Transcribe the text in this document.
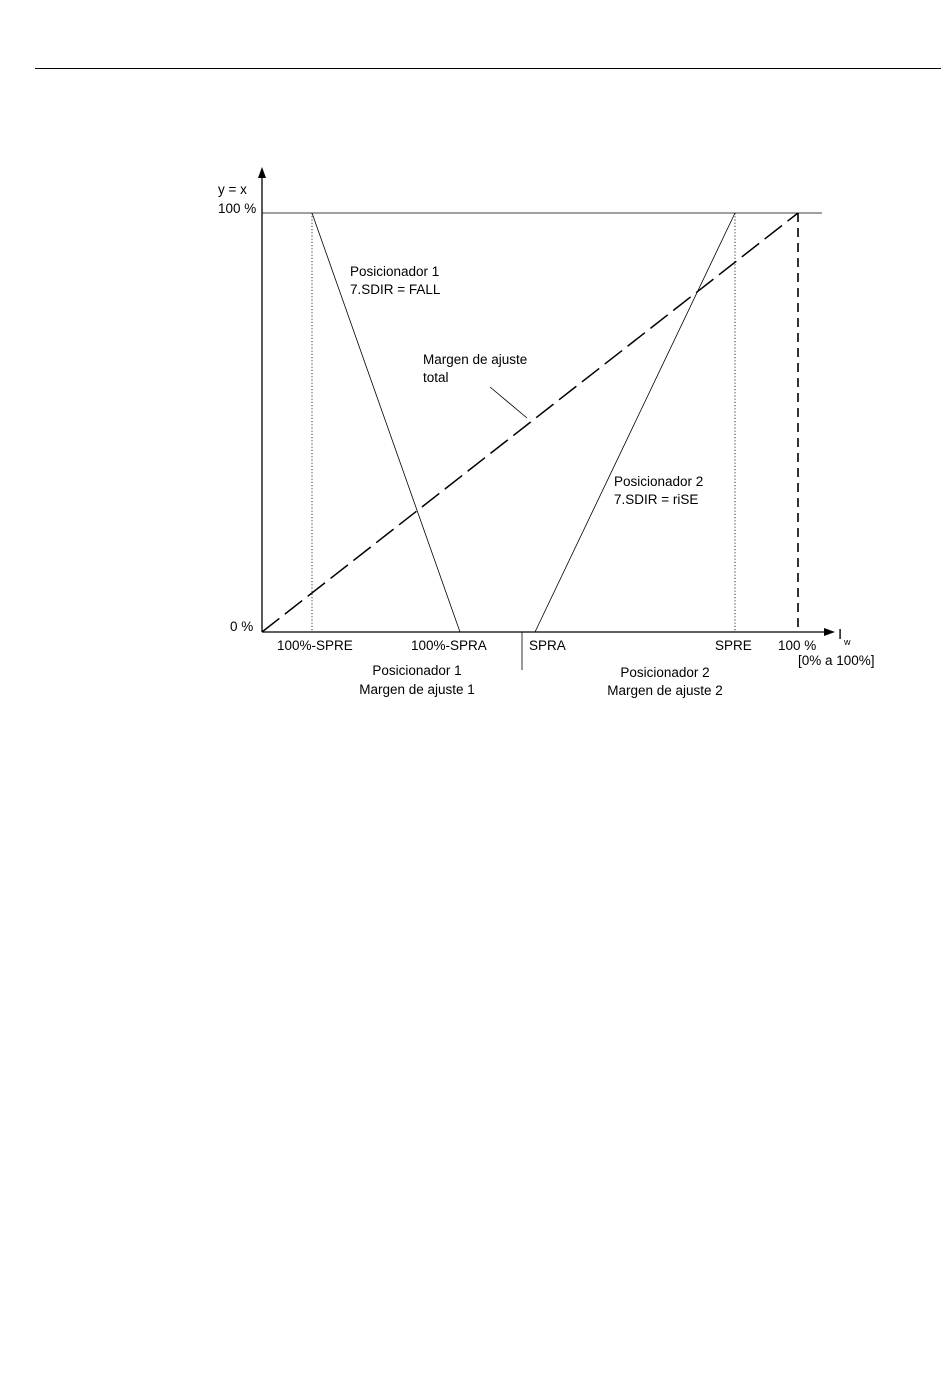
y = x
100 %
0 %	I w
[0% a 100%]
100%-SPRE	100%-SPRA	SPRA	SPRE 100 %
Posicionador 1
7.SDIR = FALL
Margen de ajuste
total
Posicionador 2
7.SDIR = riSE
Posicionador 1
Margen de ajuste 1
Posicionador 2
Margen de ajuste 2
